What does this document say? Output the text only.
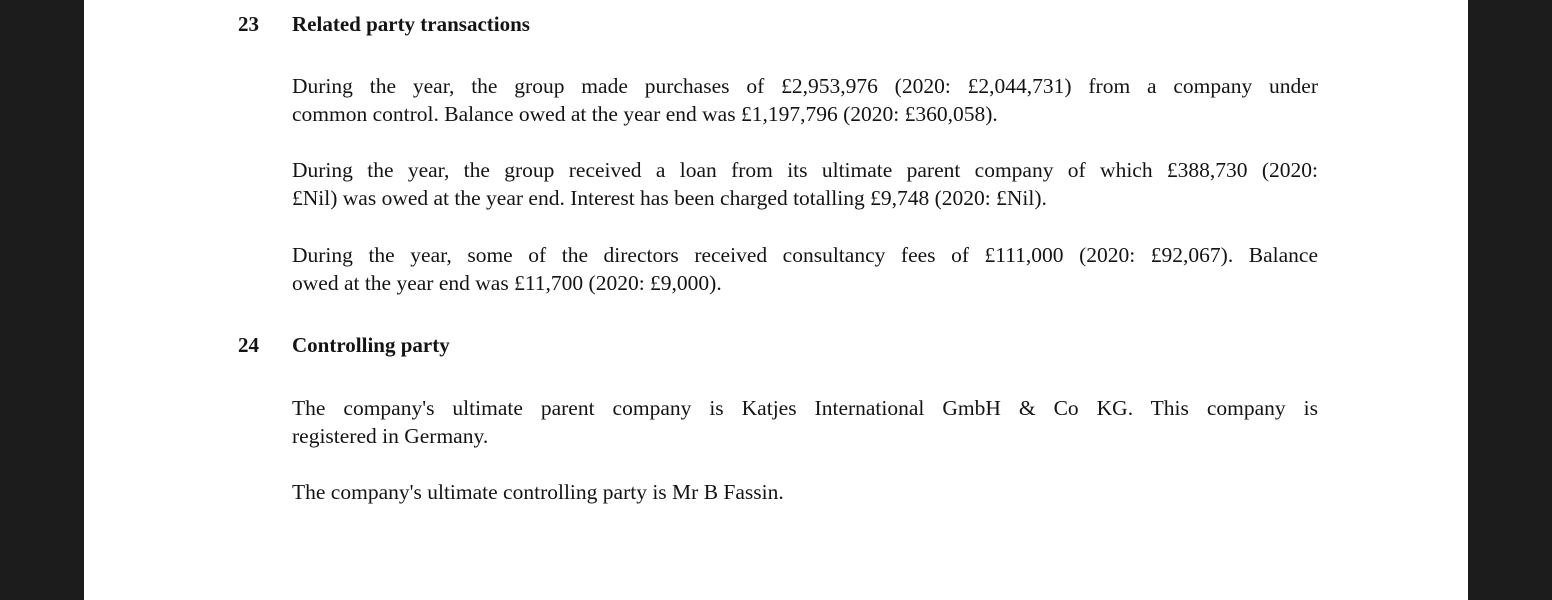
23 Related party transactions

During the year, the group made purchases of £2,953,976 (2020: £2,044,731) from a company under
common control. Balance owed at the year end was £1,197,796 (2020: £360,058).

During the year, the group received a loan from its ultimate parent company of which £388,730 (2020:
£Nil) was owed at the year end. Interest has been charged totalling £9,748 (2020: £Nil).

During the year, some of the directors received consultancy fees of £111,000 (2020: £92,067). Balance
owed at the year end was £11,700 (2020: £9,000).

24 Controlling party

The company's ultimate parent company is Katjes International GmbH & Co KG. This company is
registered in Germany.

The company's ultimate controlling party is Mr B Fassin.
